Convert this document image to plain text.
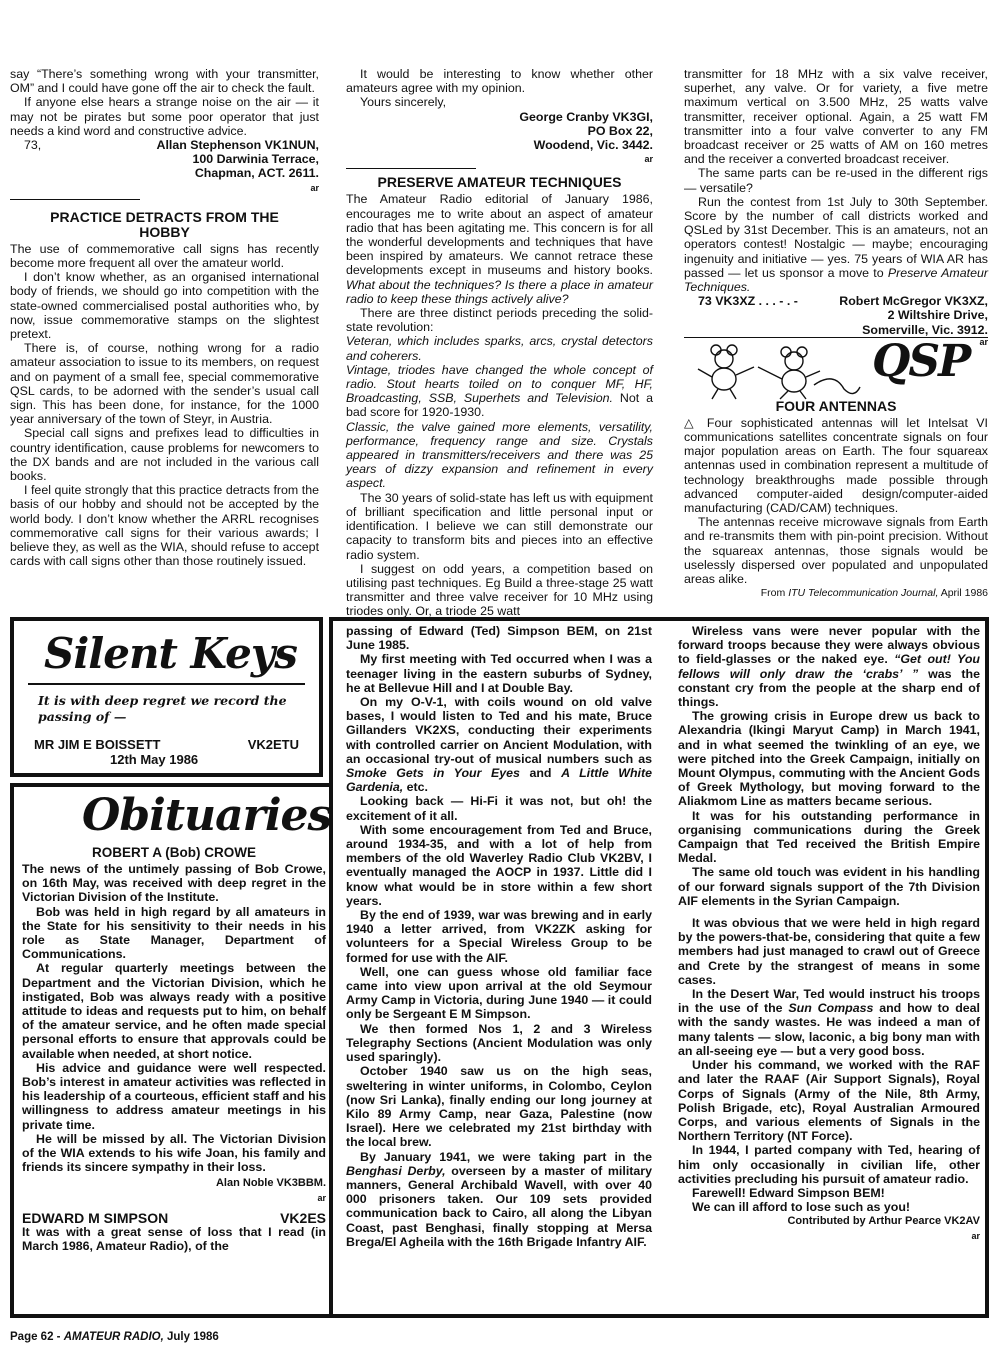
say “There’s something wrong with your transmitter, OM” and I could have gone off the air to check the fault.

If anyone else hears a strange noise on the air — it may not be pirates but some poor operator that just needs a kind word and constructive advice.

73,	Allan Stephenson VK1NUN,
100 Darwinia Terrace,
Chapman, ACT. 2611.
ar
PRACTICE DETRACTS FROM THE HOBBY

The use of commemorative call signs has recently become more frequent all over the amateur world.

I don’t know whether, as an organised international body of friends, we should go into competition with the state-owned commercialised postal authorities who, by now, issue commemorative stamps on the slightest pretext.

There is, of course, nothing wrong for a radio amateur association to issue to its members, on request and on payment of a small fee, special commemorative QSL cards, to be adorned with the sender’s usual call sign. This has been done, for instance, for the 1000 year anniversary of the town of Steyr, in Austria.

Special call signs and prefixes lead to difficulties in country identification, cause problems for newcomers to the DX bands and are not included in the various call books.

I feel quite strongly that this practice detracts from the basis of our hobby and should not be accepted by the world body. I don’t know whether the ARRL recognises commemorative call signs for their various awards; I believe they, as well as the WIA, should refuse to accept cards with call signs other than those routinely issued.

It would be interesting to know whether other amateurs agree with my opinion.

Yours sincerely,

George Cranby VK3GI,
PO Box 22,
Woodend, Vic. 3442.
ar
PRESERVE AMATEUR TECHNIQUES

The Amateur Radio editorial of January 1986, encourages me to write about an aspect of amateur radio that has been agitating me. This concern is for all the wonderful developments and techniques that have been inspired by amateurs. We cannot retrace these developments except in museums and history books. What about the techniques? Is there a place in amateur radio to keep these things actively alive?

There are three distinct periods preceding the solid-state revolution:

Veteran, which includes sparks, arcs, crystal detectors and coherers.

Vintage, triodes have changed the whole concept of radio. Stout hearts toiled on to conquer MF, HF, Broadcasting, SSB, Superhets and Television. Not a bad score for 1920-1930.

Classic, the valve gained more elements, versatility, performance, frequency range and size. Crystals appeared in transmitters/receivers and there was 25 years of dizzy expansion and refinement in every aspect.

The 30 years of solid-state has left us with equipment of brilliant specification and little personal input or identification. I believe we can still demonstrate our capacity to transform bits and pieces into an effective radio system.

I suggest on odd years, a competition based on utilising past techniques. Eg Build a three-stage 25 watt transmitter and three valve receiver for 10 MHz using triodes only. Or, a triode 25 watt

transmitter for 18 MHz with a six valve receiver, superhet, any valve. Or for variety, a five metre maximum vertical on 3.500 MHz, 25 watts valve transmitter, receiver optional. Again, a 25 watt FM transmitter into a four valve converter to any FM broadcast receiver or 25 watts of AM on 160 metres and the receiver a converted broadcast receiver.

The same parts can be re-used in the different rigs — versatile?

Run the contest from 1st July to 30th September. Score by the number of call districts worked and QSLed by 31st December. This is an amateurs, not an operators contest! Nostalgic — maybe; encouraging ingenuity and initiative — yes. 75 years of WIA AR has passed — let us sponsor a move to Preserve Amateur Techniques.

73 VK3XZ . . . - . -	Robert McGregor VK3XZ,
2 Wiltshire Drive,
Somerville, Vic. 3912.
ar
QSP
FOUR ANTENNAS

△ Four sophisticated antennas will let Intelsat VI communications satellites concentrate signals on four major population areas on Earth. The four squareax antennas used in combination represent a multitude of technology breakthroughs made possible through advanced computer-aided design/computer-aided manufacturing (CAD/CAM) techniques.

The antennas receive microwave signals from Earth and re-transmits them with pin-point precision. Without the squareax antennas, those signals would be uselessly dispersed over populated and unpopulated areas alike.

From ITU Telecommunication Journal, April 1986
Silent Keys
It is with deep regret we record the passing of —
MR JIM E BOISSETT	VK2ETU
12th May 1986
Obituaries
ROBERT A (Bob) CROWE

The news of the untimely passing of Bob Crowe, on 16th May, was received with deep regret in the Victorian Division of the Institute.

Bob was held in high regard by all amateurs in the State for his sensitivity to their needs in his role as State Manager, Department of Communications.

At regular quarterly meetings between the Department and the Victorian Division, which he instigated, Bob was always ready with a positive attitude to ideas and requests put to him, on behalf of the amateur service, and he often made special personal efforts to ensure that approvals could be available when needed, at short notice.

His advice and guidance were well respected. Bob’s interest in amateur activities was reflected in his leadership of a courteous, efficient staff and his willingness to address amateur meetings in his private time.

He will be missed by all. The Victorian Division of the WIA extends to his wife Joan, his family and friends its sincere sympathy in their loss.

Alan Noble VK3BBM.
ar
EDWARD M SIMPSON	VK2ES

It was with a great sense of loss that I read (in March 1986, Amateur Radio), of the

passing of Edward (Ted) Simpson BEM, on 21st June 1985.

My first meeting with Ted occurred when I was a teenager living in the eastern suburbs of Sydney, he at Bellevue Hill and I at Double Bay.

On my O-V-1, with coils wound on old valve bases, I would listen to Ted and his mate, Bruce Gillanders VK2XS, conducting their experiments with controlled carrier on Ancient Modulation, with an occasional try-out of musical numbers such as Smoke Gets in Your Eyes and A Little White Gardenia, etc.

Looking back — Hi-Fi it was not, but oh! the excitement of it all.

With some encouragement from Ted and Bruce, around 1934-35, and with a lot of help from members of the old Waverley Radio Club VK2BV, I eventually managed the AOCP in 1937. Little did I know what would be in store within a few short years.

By the end of 1939, war was brewing and in early 1940 a letter arrived, from VK2ZK asking for volunteers for a Special Wireless Group to be formed for use with the AIF.

Well, one can guess whose old familiar face came into view upon arrival at the old Seymour Army Camp in Victoria, during June 1940 — it could only be Sergeant E M Simpson.

We then formed Nos 1, 2 and 3 Wireless Telegraphy Sections (Ancient Modulation was only used sparingly).

October 1940 saw us on the high seas, sweltering in winter uniforms, in Colombo, Ceylon (now Sri Lanka), finally ending our long journey at Kilo 89 Army Camp, near Gaza, Palestine (now Israel). Here we celebrated my 21st birthday with the local brew.

By January 1941, we were taking part in the Benghasi Derby, overseen by a master of military manners, General Archibald Wavell, with over 40 000 prisoners taken. Our 109 sets provided communication back to Cairo, all along the Libyan Coast, past Benghasi, finally stopping at Mersa Brega/El Agheila with the 16th Brigade Infantry AIF.

Wireless vans were never popular with the forward troops because they were always obvious to field-glasses or the naked eye. “Get out! You fellows will only draw the ‘crabs’ ” was the constant cry from the people at the sharp end of things.

The growing crisis in Europe drew us back to Alexandria (Ikingi Maryut Camp) in March 1941, and in what seemed the twinkling of an eye, we were pitched into the Greek Campaign, initially on Mount Olympus, commuting with the Ancient Gods of Greek Mythology, but moving forward to the Aliakmom Line as matters became serious.

It was for his outstanding performance in organising communications during the Greek Campaign that Ted received the British Empire Medal.

The same old touch was evident in his handling of our forward signals support of the 7th Division AIF elements in the Syrian Campaign.

It was obvious that we were held in high regard by the powers-that-be, considering that quite a few members had just managed to crawl out of Greece and Crete by the strangest of means in some cases.

In the Desert War, Ted would instruct his troops in the use of the Sun Compass and how to deal with the sandy wastes. He was indeed a man of many talents — slow, laconic, a big bony man with an all-seeing eye — but a very good boss.

Under his command, we worked with the RAF and later the RAAF (Air Support Signals), Royal Corps of Signals (Army of the Nile, 8th Army, Polish Brigade, etc), Royal Australian Armoured Corps, and various elements of Signals in the Northern Territory (NT Force).

In 1944, I parted company with Ted, hearing of him only occasionally in civilian life, other activities precluding his pursuit of amateur radio.

Farewell! Edward Simpson BEM!

We can ill afford to lose such as you!

Contributed by Arthur Pearce VK2AV
ar
Page 62 - AMATEUR RADIO, July 1986
